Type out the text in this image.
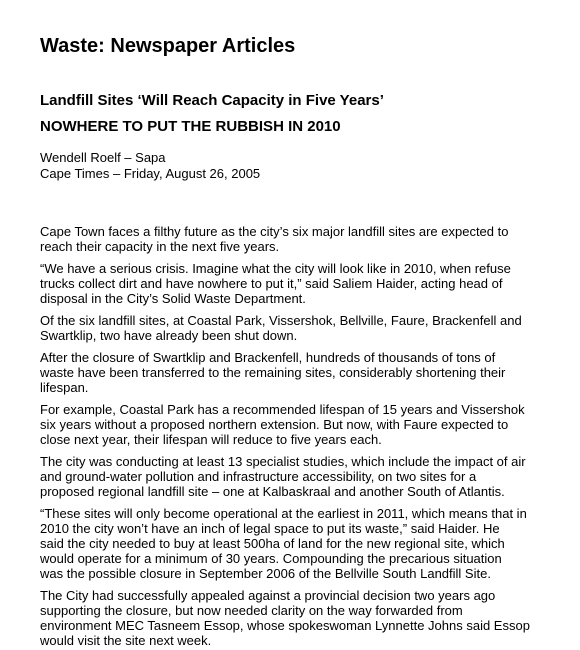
Waste: Newspaper Articles
Landfill Sites ‘Will Reach Capacity in Five Years’
NOWHERE TO PUT THE RUBBISH IN 2010
Wendell Roelf – Sapa
Cape Times – Friday, August 26, 2005

Cape Town faces a filthy future as the city’s six major landfill sites are expected to
reach their capacity in the next five years.

“We have a serious crisis. Imagine what the city will look like in 2010, when refuse
trucks collect dirt and have nowhere to put it,” said Saliem Haider, acting head of
disposal in the City’s Solid Waste Department.

Of the six landfill sites, at Coastal Park, Vissershok, Bellville, Faure, Brackenfell and
Swartklip, two have already been shut down.

After the closure of Swartklip and Brackenfell, hundreds of thousands of tons of
waste have been transferred to the remaining sites, considerably shortening their
lifespan.

For example, Coastal Park has a recommended lifespan of 15 years and Vissershok
six years without a proposed northern extension. But now, with Faure expected to
close next year, their lifespan will reduce to five years each.

The city was conducting at least 13 specialist studies, which include the impact of air
and ground-water pollution and infrastructure accessibility, on two sites for a
proposed regional landfill site – one at Kalbaskraal and another South of Atlantis.

“These sites will only become operational at the earliest in 2011, which means that in
2010 the city won’t have an inch of legal space to put its waste,” said Haider. He
said the city needed to buy at least 500ha of land for the new regional site, which
would operate for a minimum of 30 years. Compounding the precarious situation
was the possible closure in September 2006 of the Bellville South Landfill Site.

The City had successfully appealed against a provincial decision two years ago
supporting the closure, but now needed clarity on the way forwarded from
environment MEC Tasneem Essop, whose spokeswoman Lynnette Johns said Essop
would visit the site next week.
